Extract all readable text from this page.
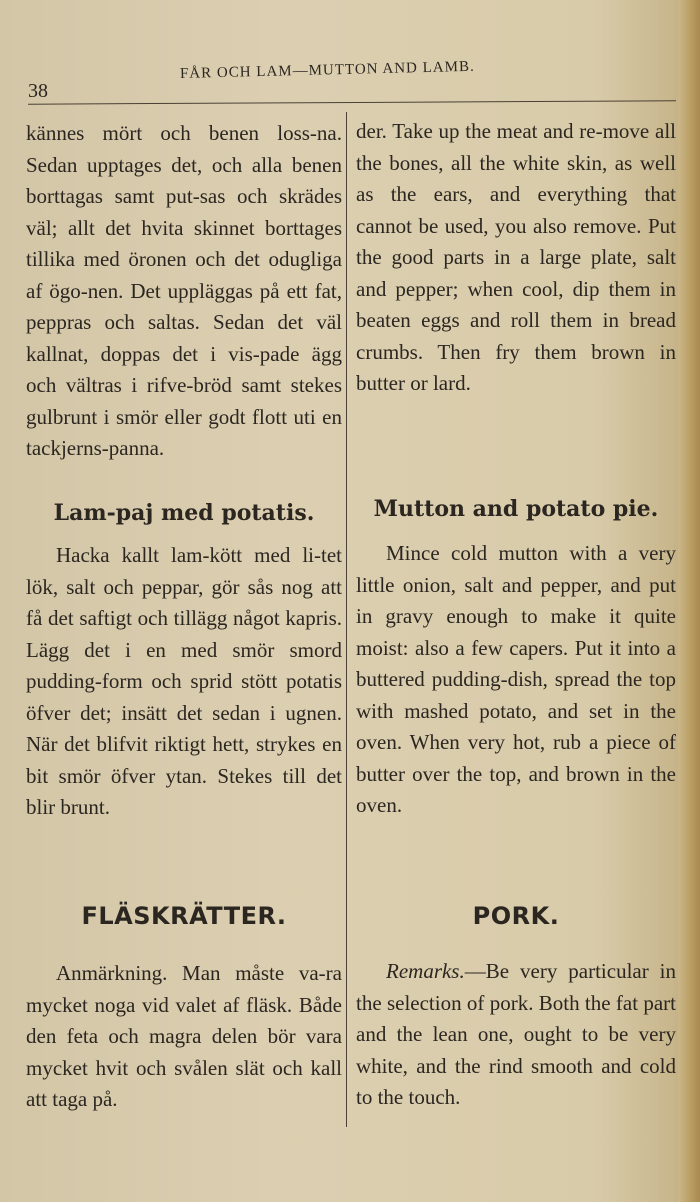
38
FÅR OCH LAM—MUTTON AND LAMB.

kännes mört och benen loss-na. Sedan upptages det, och alla benen borttagas samt put-sas och skrädes väl; allt det hvita skinnet borttages tillika med öronen och det odugliga af ögo-nen. Det uppläggas på ett fat, peppras och saltas. Sedan det väl kallnat, doppas det i vis-pade ägg och vältras i rifve-bröd samt stekes gulbrunt i smör eller godt flott uti en tackjerns-panna.

Lam-paj med potatis.

Hacka kallt lam-kött med li-tet lök, salt och peppar, gör sås nog att få det saftigt och tillägg något kapris. Lägg det i en med smör smord pudding-form och sprid stött potatis öfver det; insätt det sedan i ugnen. När det blifvit riktigt hett, strykes en bit smör öfver ytan. Stekes till det blir brunt.

FLÄSKRÄTTER.

Anmärkning. Man måste va-ra mycket noga vid valet af fläsk. Både den feta och magra delen bör vara mycket hvit och svålen slät och kall att taga på.

der. Take up the meat and re-move all the bones, all the white skin, as well as the ears, and everything that cannot be used, you also remove. Put the good parts in a large plate, salt and pepper; when cool, dip them in beaten eggs and roll them in bread crumbs. Then fry them brown in butter or lard.

Mutton and potato pie.

Mince cold mutton with a very little onion, salt and pepper, and put in gravy enough to make it quite moist: also a few capers. Put it into a buttered pudding-dish, spread the top with mashed potato, and set in the oven. When very hot, rub a piece of butter over the top, and brown in the oven.

PORK.

Remarks.—Be very particular in the selection of pork. Both the fat part and the lean one, ought to be very white, and the rind smooth and cold to the touch.
